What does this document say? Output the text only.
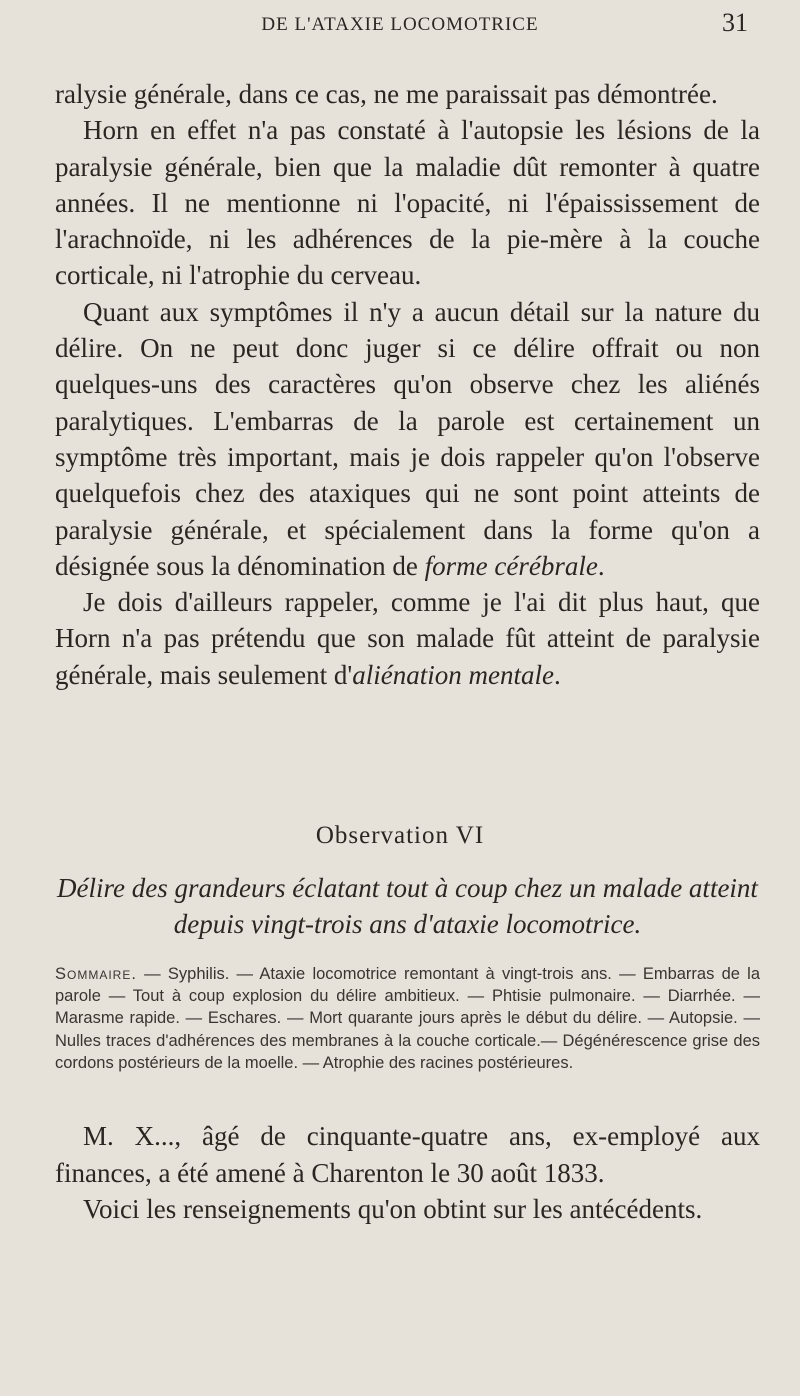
DE L'ATAXIE LOCOMOTRICE	31

ralysie générale, dans ce cas, ne me paraissait pas démontrée.

Horn en effet n'a pas constaté à l'autopsie les lésions de la paralysie générale, bien que la maladie dût remonter à quatre années. Il ne mentionne ni l'opacité, ni l'épaississement de l'arachnoïde, ni les adhérences de la pie-mère à la couche corticale, ni l'atrophie du cerveau.

Quant aux symptômes il n'y a aucun détail sur la nature du délire. On ne peut donc juger si ce délire offrait ou non quelques-uns des caractères qu'on observe chez les aliénés paralytiques. L'embarras de la parole est certainement un symptôme très important, mais je dois rappeler qu'on l'observe quelquefois chez des ataxiques qui ne sont point atteints de paralysie générale, et spécialement dans la forme qu'on a désignée sous la dénomination de forme cérébrale.

Je dois d'ailleurs rappeler, comme je l'ai dit plus haut, que Horn n'a pas prétendu que son malade fût atteint de paralysie générale, mais seulement d'aliénation mentale.

Observation VI
Délire des grandeurs éclatant tout à coup chez un malade atteint depuis vingt-trois ans d'ataxie locomotrice.
Sommaire. — Syphilis. — Ataxie locomotrice remontant à vingt-trois ans. — Embarras de la parole — Tout à coup explosion du délire ambitieux. — Phtisie pulmonaire. — Diarrhée. — Marasme rapide. — Eschares. — Mort quarante jours après le début du délire. — Autopsie. — Nulles traces d'adhérences des membranes à la couche corticale.— Dégénérescence grise des cordons postérieurs de la moelle. — Atrophie des racines postérieures.

M. X..., âgé de cinquante-quatre ans, ex-employé aux finances, a été amené à Charenton le 30 août 1833.

Voici les renseignements qu'on obtint sur les antécédents.
